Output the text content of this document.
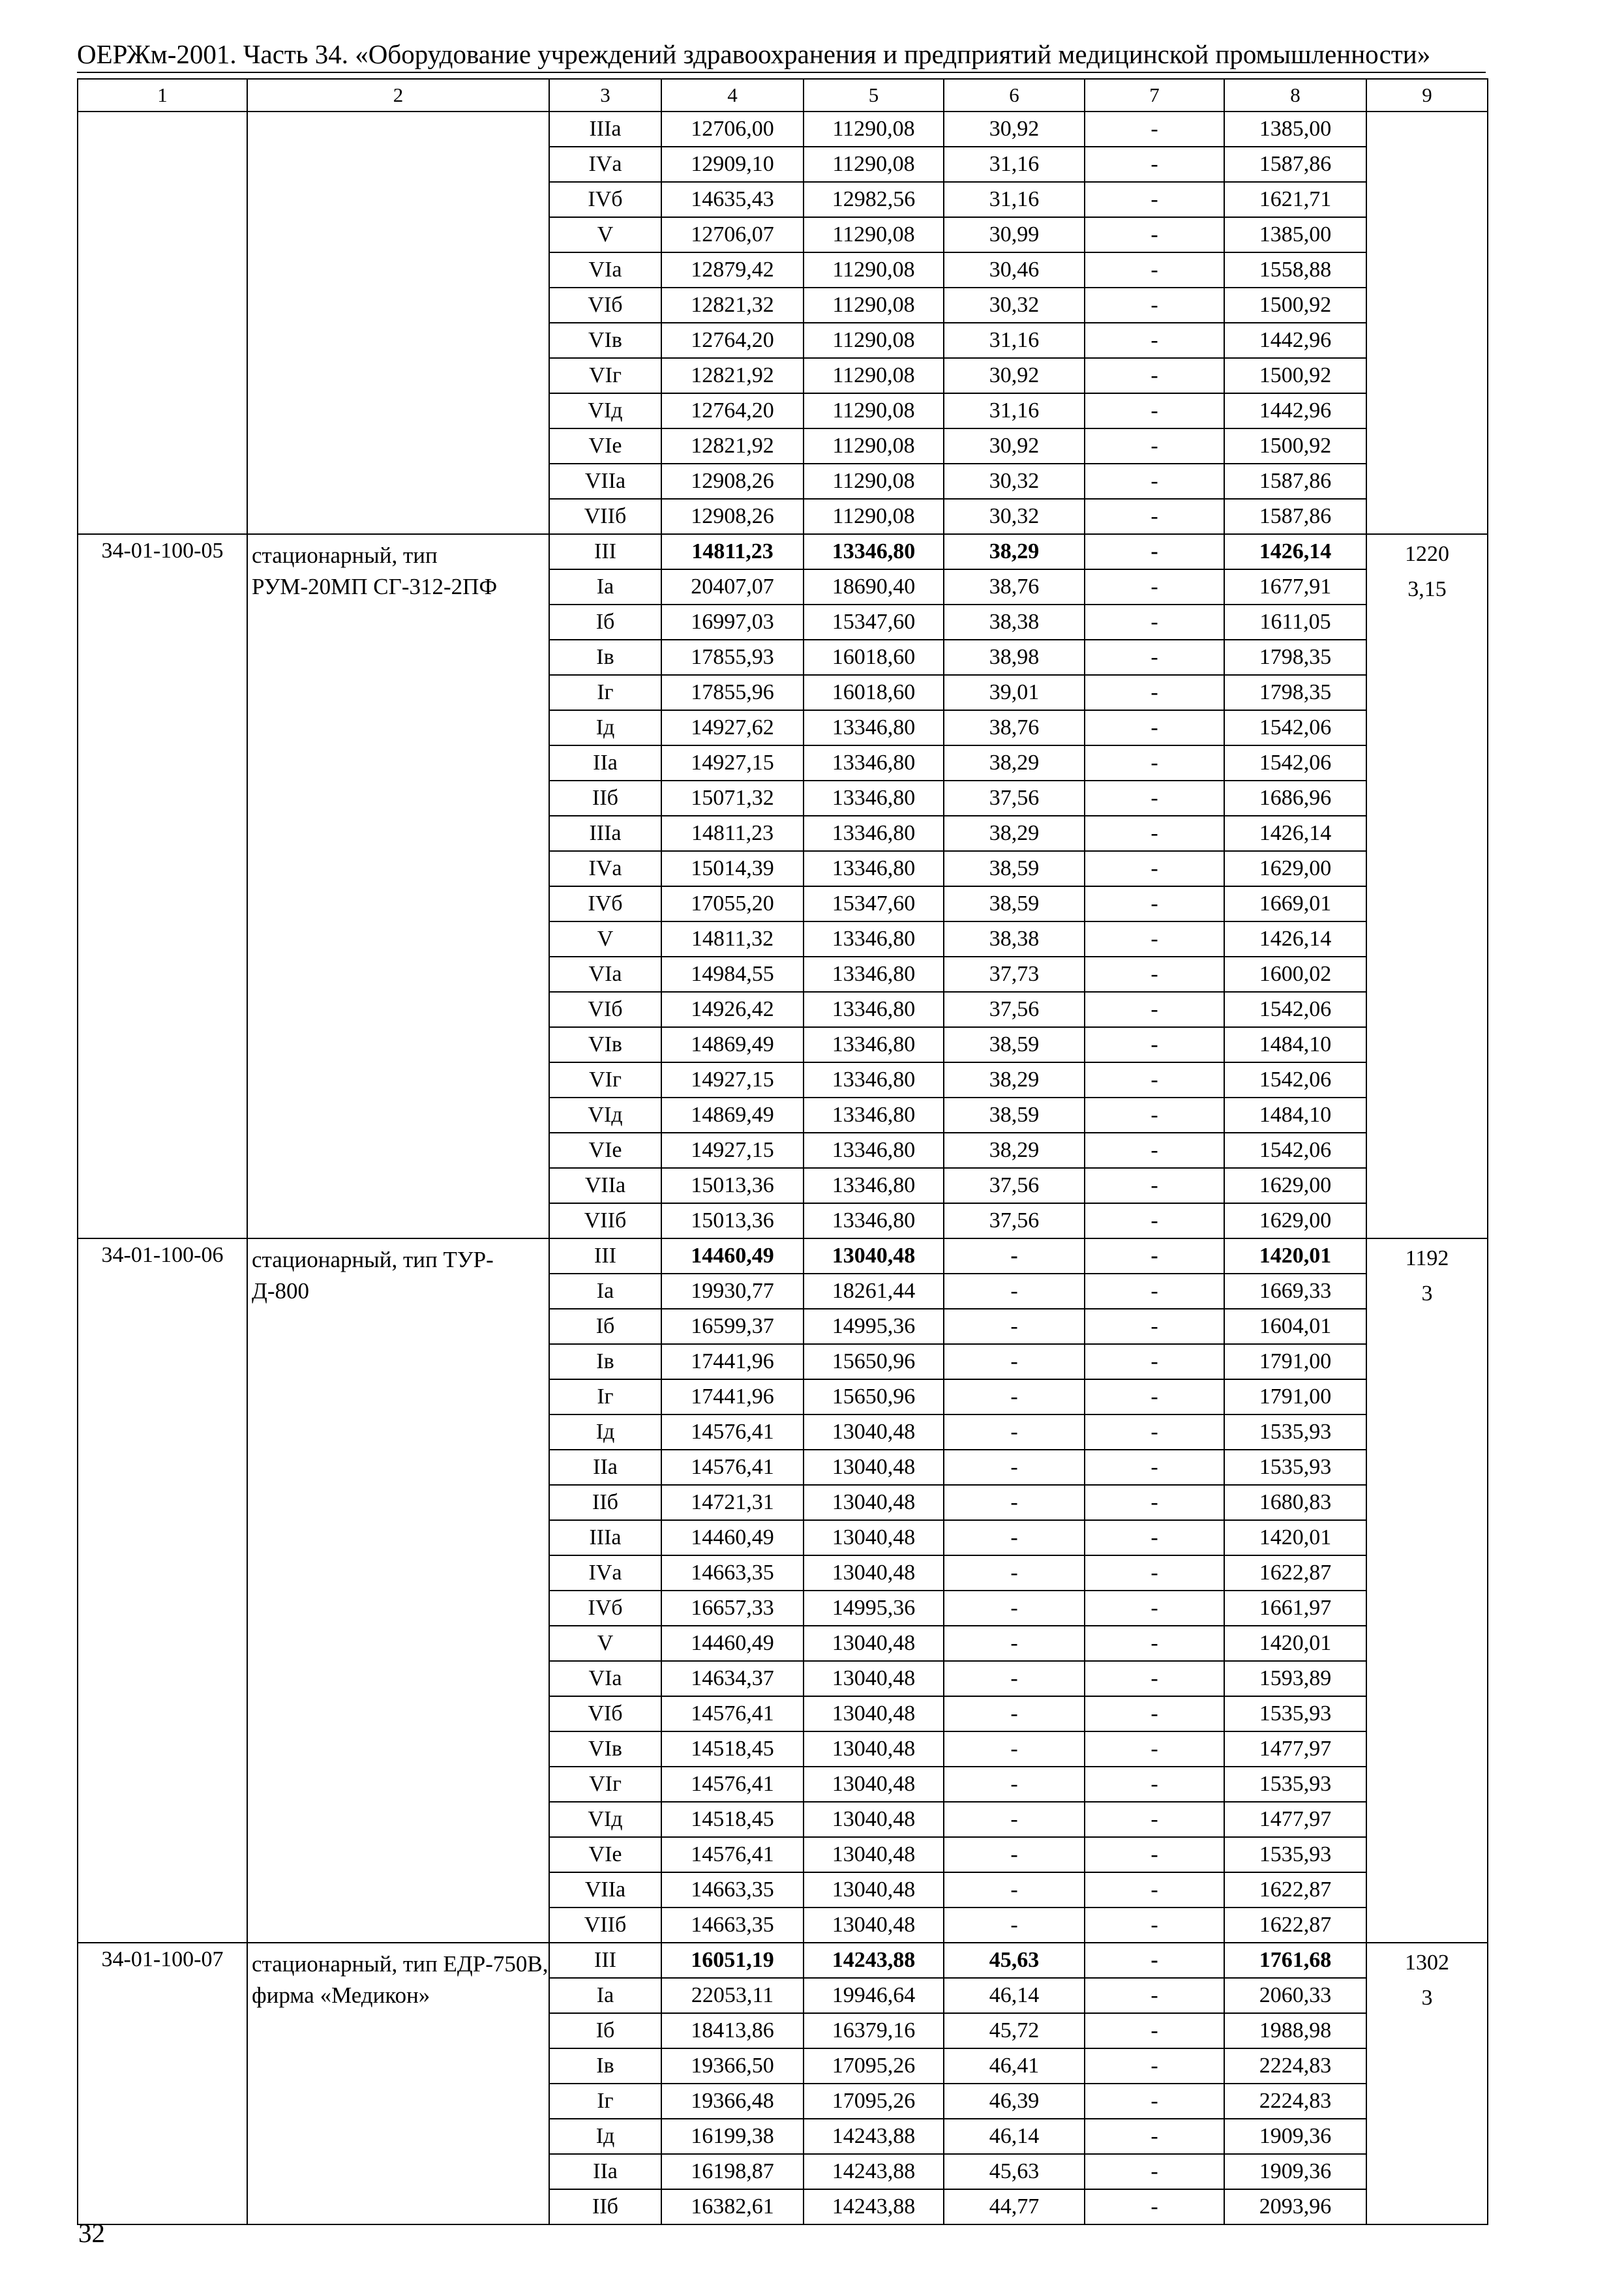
ОЕРЖм-2001. Часть 34. «Оборудование учреждений здравоохранения и предприятий медицинской промышленности»
1	2	3	4	5	6	7	8	9
		IIIа	12706,00	11290,08	30,92	-	1385,00	
		IVа	12909,10	11290,08	31,16	-	1587,86	
		IVб	14635,43	12982,56	31,16	-	1621,71	
		V	12706,07	11290,08	30,99	-	1385,00	
		VIа	12879,42	11290,08	30,46	-	1558,88	
		VIб	12821,32	11290,08	30,32	-	1500,92	
		VIв	12764,20	11290,08	31,16	-	1442,96	
		VIг	12821,92	11290,08	30,92	-	1500,92	
		VIд	12764,20	11290,08	31,16	-	1442,96	
		VIе	12821,92	11290,08	30,92	-	1500,92	
		VIIа	12908,26	11290,08	30,32	-	1587,86	
		VIIб	12908,26	11290,08	30,32	-	1587,86	
34-01-100-05	стационарный, тип РУМ-20МП СГ-312-2ПФ	III	14811,23	13346,80	38,29	-	1426,14	1220
3,15

		Iа	20407,07	18690,40	38,76	-	1677,91	
		Iб	16997,03	15347,60	38,38	-	1611,05	
		Iв	17855,93	16018,60	38,98	-	1798,35	
		Iг	17855,96	16018,60	39,01	-	1798,35	
		Iд	14927,62	13346,80	38,76	-	1542,06	
		IIа	14927,15	13346,80	38,29	-	1542,06	
		IIб	15071,32	13346,80	37,56	-	1686,96	
		IIIа	14811,23	13346,80	38,29	-	1426,14	
		IVа	15014,39	13346,80	38,59	-	1629,00	
		IVб	17055,20	15347,60	38,59	-	1669,01	
		V	14811,32	13346,80	38,38	-	1426,14	
		VIа	14984,55	13346,80	37,73	-	1600,02	
		VIб	14926,42	13346,80	37,56	-	1542,06	
		VIв	14869,49	13346,80	38,59	-	1484,10	
		VIг	14927,15	13346,80	38,29	-	1542,06	
		VIд	14869,49	13346,80	38,59	-	1484,10	
		VIе	14927,15	13346,80	38,29	-	1542,06	
		VIIа	15013,36	13346,80	37,56	-	1629,00	
		VIIб	15013,36	13346,80	37,56	-	1629,00	
34-01-100-06	стационарный, тип ТУР-Д-800	III	14460,49	13040,48	-	-	1420,01	1192
3

		Iа	19930,77	18261,44	-	-	1669,33	
		Iб	16599,37	14995,36	-	-	1604,01	
		Iв	17441,96	15650,96	-	-	1791,00	
		Iг	17441,96	15650,96	-	-	1791,00	
		Iд	14576,41	13040,48	-	-	1535,93	
		IIа	14576,41	13040,48	-	-	1535,93	
		IIб	14721,31	13040,48	-	-	1680,83	
		IIIа	14460,49	13040,48	-	-	1420,01	
		IVа	14663,35	13040,48	-	-	1622,87	
		IVб	16657,33	14995,36	-	-	1661,97	
		V	14460,49	13040,48	-	-	1420,01	
		VIа	14634,37	13040,48	-	-	1593,89	
		VIб	14576,41	13040,48	-	-	1535,93	
		VIв	14518,45	13040,48	-	-	1477,97	
		VIг	14576,41	13040,48	-	-	1535,93	
		VIд	14518,45	13040,48	-	-	1477,97	
		VIе	14576,41	13040,48	-	-	1535,93	
		VIIа	14663,35	13040,48	-	-	1622,87	
		VIIб	14663,35	13040,48	-	-	1622,87	
34-01-100-07	стационарный, тип ЕДР-750В, фирма «Медикон»	III	16051,19	14243,88	45,63	-	1761,68	1302
3

		Iа	22053,11	19946,64	46,14	-	2060,33	
		Iб	18413,86	16379,16	45,72	-	1988,98	
		Iв	19366,50	17095,26	46,41	-	2224,83	
		Iг	19366,48	17095,26	46,39	-	2224,83	
		Iд	16199,38	14243,88	46,14	-	1909,36	
		IIа	16198,87	14243,88	45,63	-	1909,36	
		IIб	16382,61	14243,88	44,77	-	2093,96	
32
